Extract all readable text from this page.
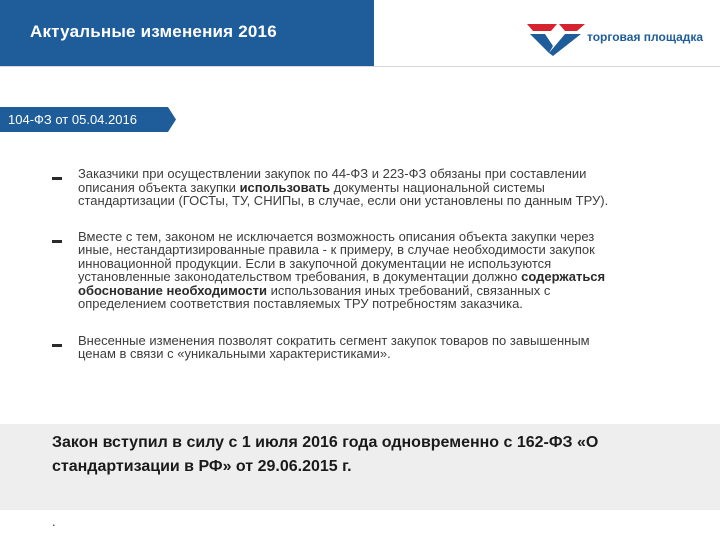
Актуальные изменения 2016	торговая площадка
104-ФЗ от 05.04.2016
Заказчики при осуществлении закупок по 44-ФЗ и 223-ФЗ обязаны при составлении описания объекта закупки использовать документы национальной системы стандартизации (ГОСТы, ТУ, СНИПы, в случае, если они установлены по данным ТРУ).
Вместе с тем, законом не исключается возможность описания объекта закупки через иные, нестандартизированные правила - к примеру, в случае необходимости закупок инновационной продукции. Если в закупочной документации не используются установленные законодательством требования, в документации должно содержаться обоснование необходимости использования иных требований, связанных с определением соответствия поставляемых ТРУ потребностям заказчика.
Внесенные изменения позволят сократить сегмент закупок товаров по завышенным ценам в связи с «уникальными характеристиками».
Закон вступил в силу с 1 июля 2016 года одновременно с 162-ФЗ «О стандартизации в РФ» от 29.06.2015 г.
.
